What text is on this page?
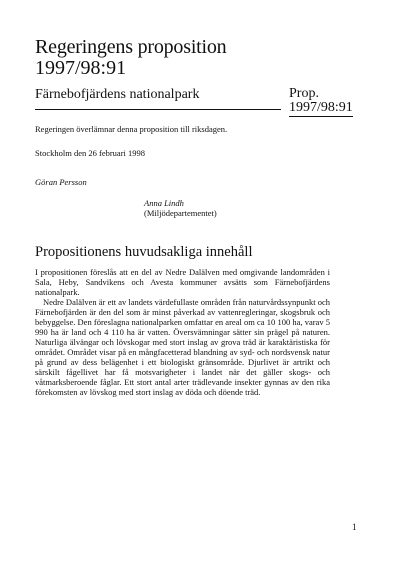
Regeringens proposition
1997/98:91
Färnebofjärdens nationalpark	Prop.
1997/98:91
Regeringen överlämnar denna proposition till riksdagen.
Stockholm den 26 februari 1998
Göran Persson
Anna Lindh
(Miljödepartementet)
Propositionens huvudsakliga innehåll

I propositionen föreslås att en del av Nedre Dalälven med omgivande landområden i Sala, Heby, Sandvikens och Avesta kommuner avsätts som Färnebofjärdens nationalpark.

Nedre Dalälven är ett av landets värdefullaste områden från naturvårdssynpunkt och Färnebofjärden är den del som är minst påverkad av vattenregleringar, skogsbruk och bebyggelse. Den föreslagna nationalparken omfattar en areal om ca 10 100 ha, varav 5 990 ha är land och 4 110 ha är vatten. Översvämningar sätter sin prägel på naturen. Naturliga älvängar och lövskogar med stort inslag av grova träd är karaktäristiska för området. Området visar på en mångfacetterad blandning av syd- och nordsvensk natur på grund av dess belägenhet i ett biologiskt gränsområde. Djurlivet är artrikt och särskilt fågellivet har få motsvarigheter i landet när det gäller skogs- och våtmarksberoende fåglar. Ett stort antal arter trädlevande insekter gynnas av den rika förekomsten av lövskog med stort inslag av döda och döende träd.

1
